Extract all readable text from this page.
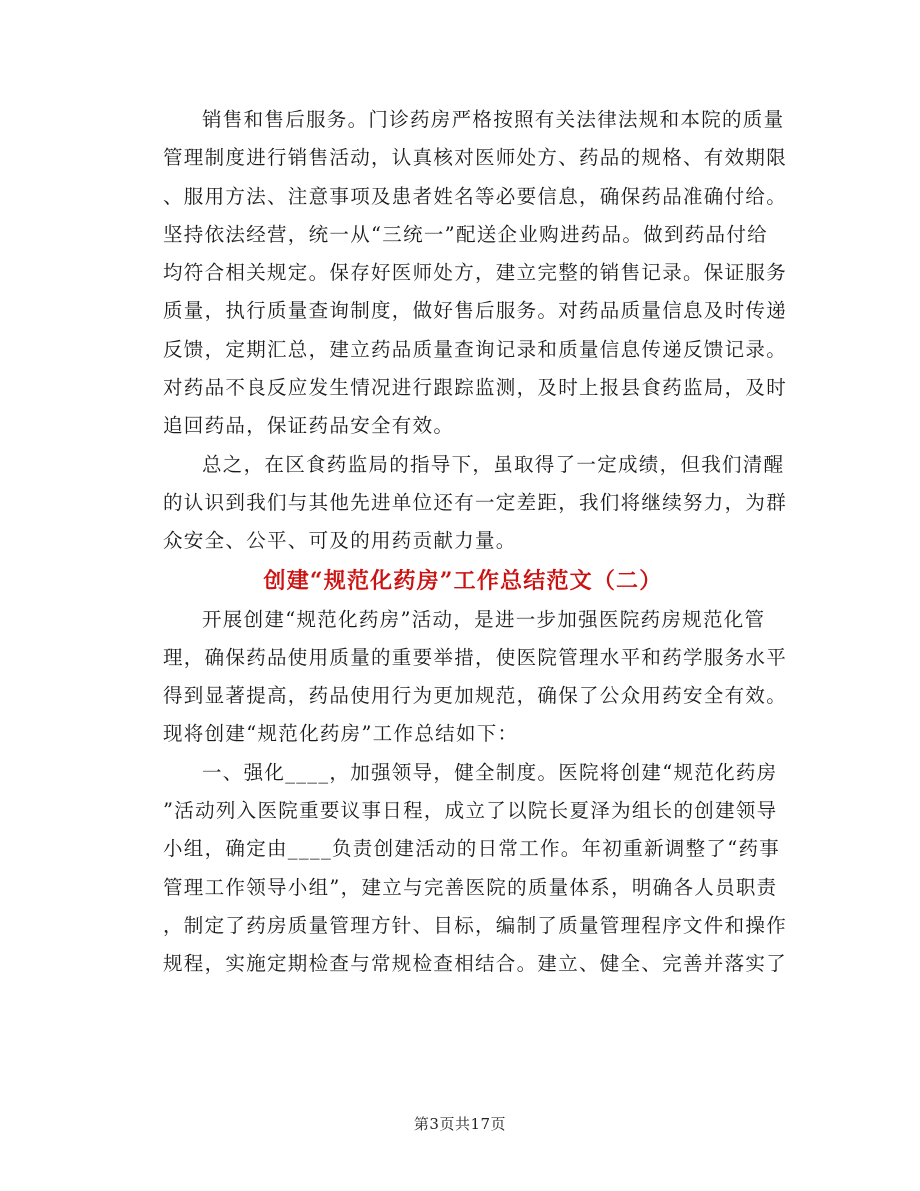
销售和售后服务。门诊药房严格按照有关法律法规和本院的质量
管理制度进行销售活动，认真核对医师处方、药品的规格、有效期限
、服用方法、注意事项及患者姓名等必要信息，确保药品准确付给。
坚持依法经营，统一从“三统一”配送企业购进药品。做到药品付给
均符合相关规定。保存好医师处方，建立完整的销售记录。保证服务
质量，执行质量查询制度，做好售后服务。对药品质量信息及时传递
反馈，定期汇总，建立药品质量查询记录和质量信息传递反馈记录。
对药品不良反应发生情况进行跟踪监测，及时上报县食药监局，及时
追回药品，保证药品安全有效。

总之，在区食药监局的指导下，虽取得了一定成绩，但我们清醒
的认识到我们与其他先进单位还有一定差距，我们将继续努力，为群
众安全、公平、可及的用药贡献力量。

创建“规范化药房”工作总结范文（二）

开展创建“规范化药房”活动，是进一步加强医院药房规范化管
理，确保药品使用质量的重要举措，使医院管理水平和药学服务水平
得到显著提高，药品使用行为更加规范，确保了公众用药安全有效。
现将创建“规范化药房”工作总结如下：

一、强化____，加强领导，健全制度。医院将创建“规范化药房
”活动列入医院重要议事日程，成立了以院长夏泽为组长的创建领导
小组，确定由____负责创建活动的日常工作。年初重新调整了“药事
管理工作领导小组”，建立与完善医院的质量体系，明确各人员职责
，制定了药房质量管理方针、目标，编制了质量管理程序文件和操作
规程，实施定期检查与常规检查相结合。建立、健全、完善并落实了

第3页共17页
